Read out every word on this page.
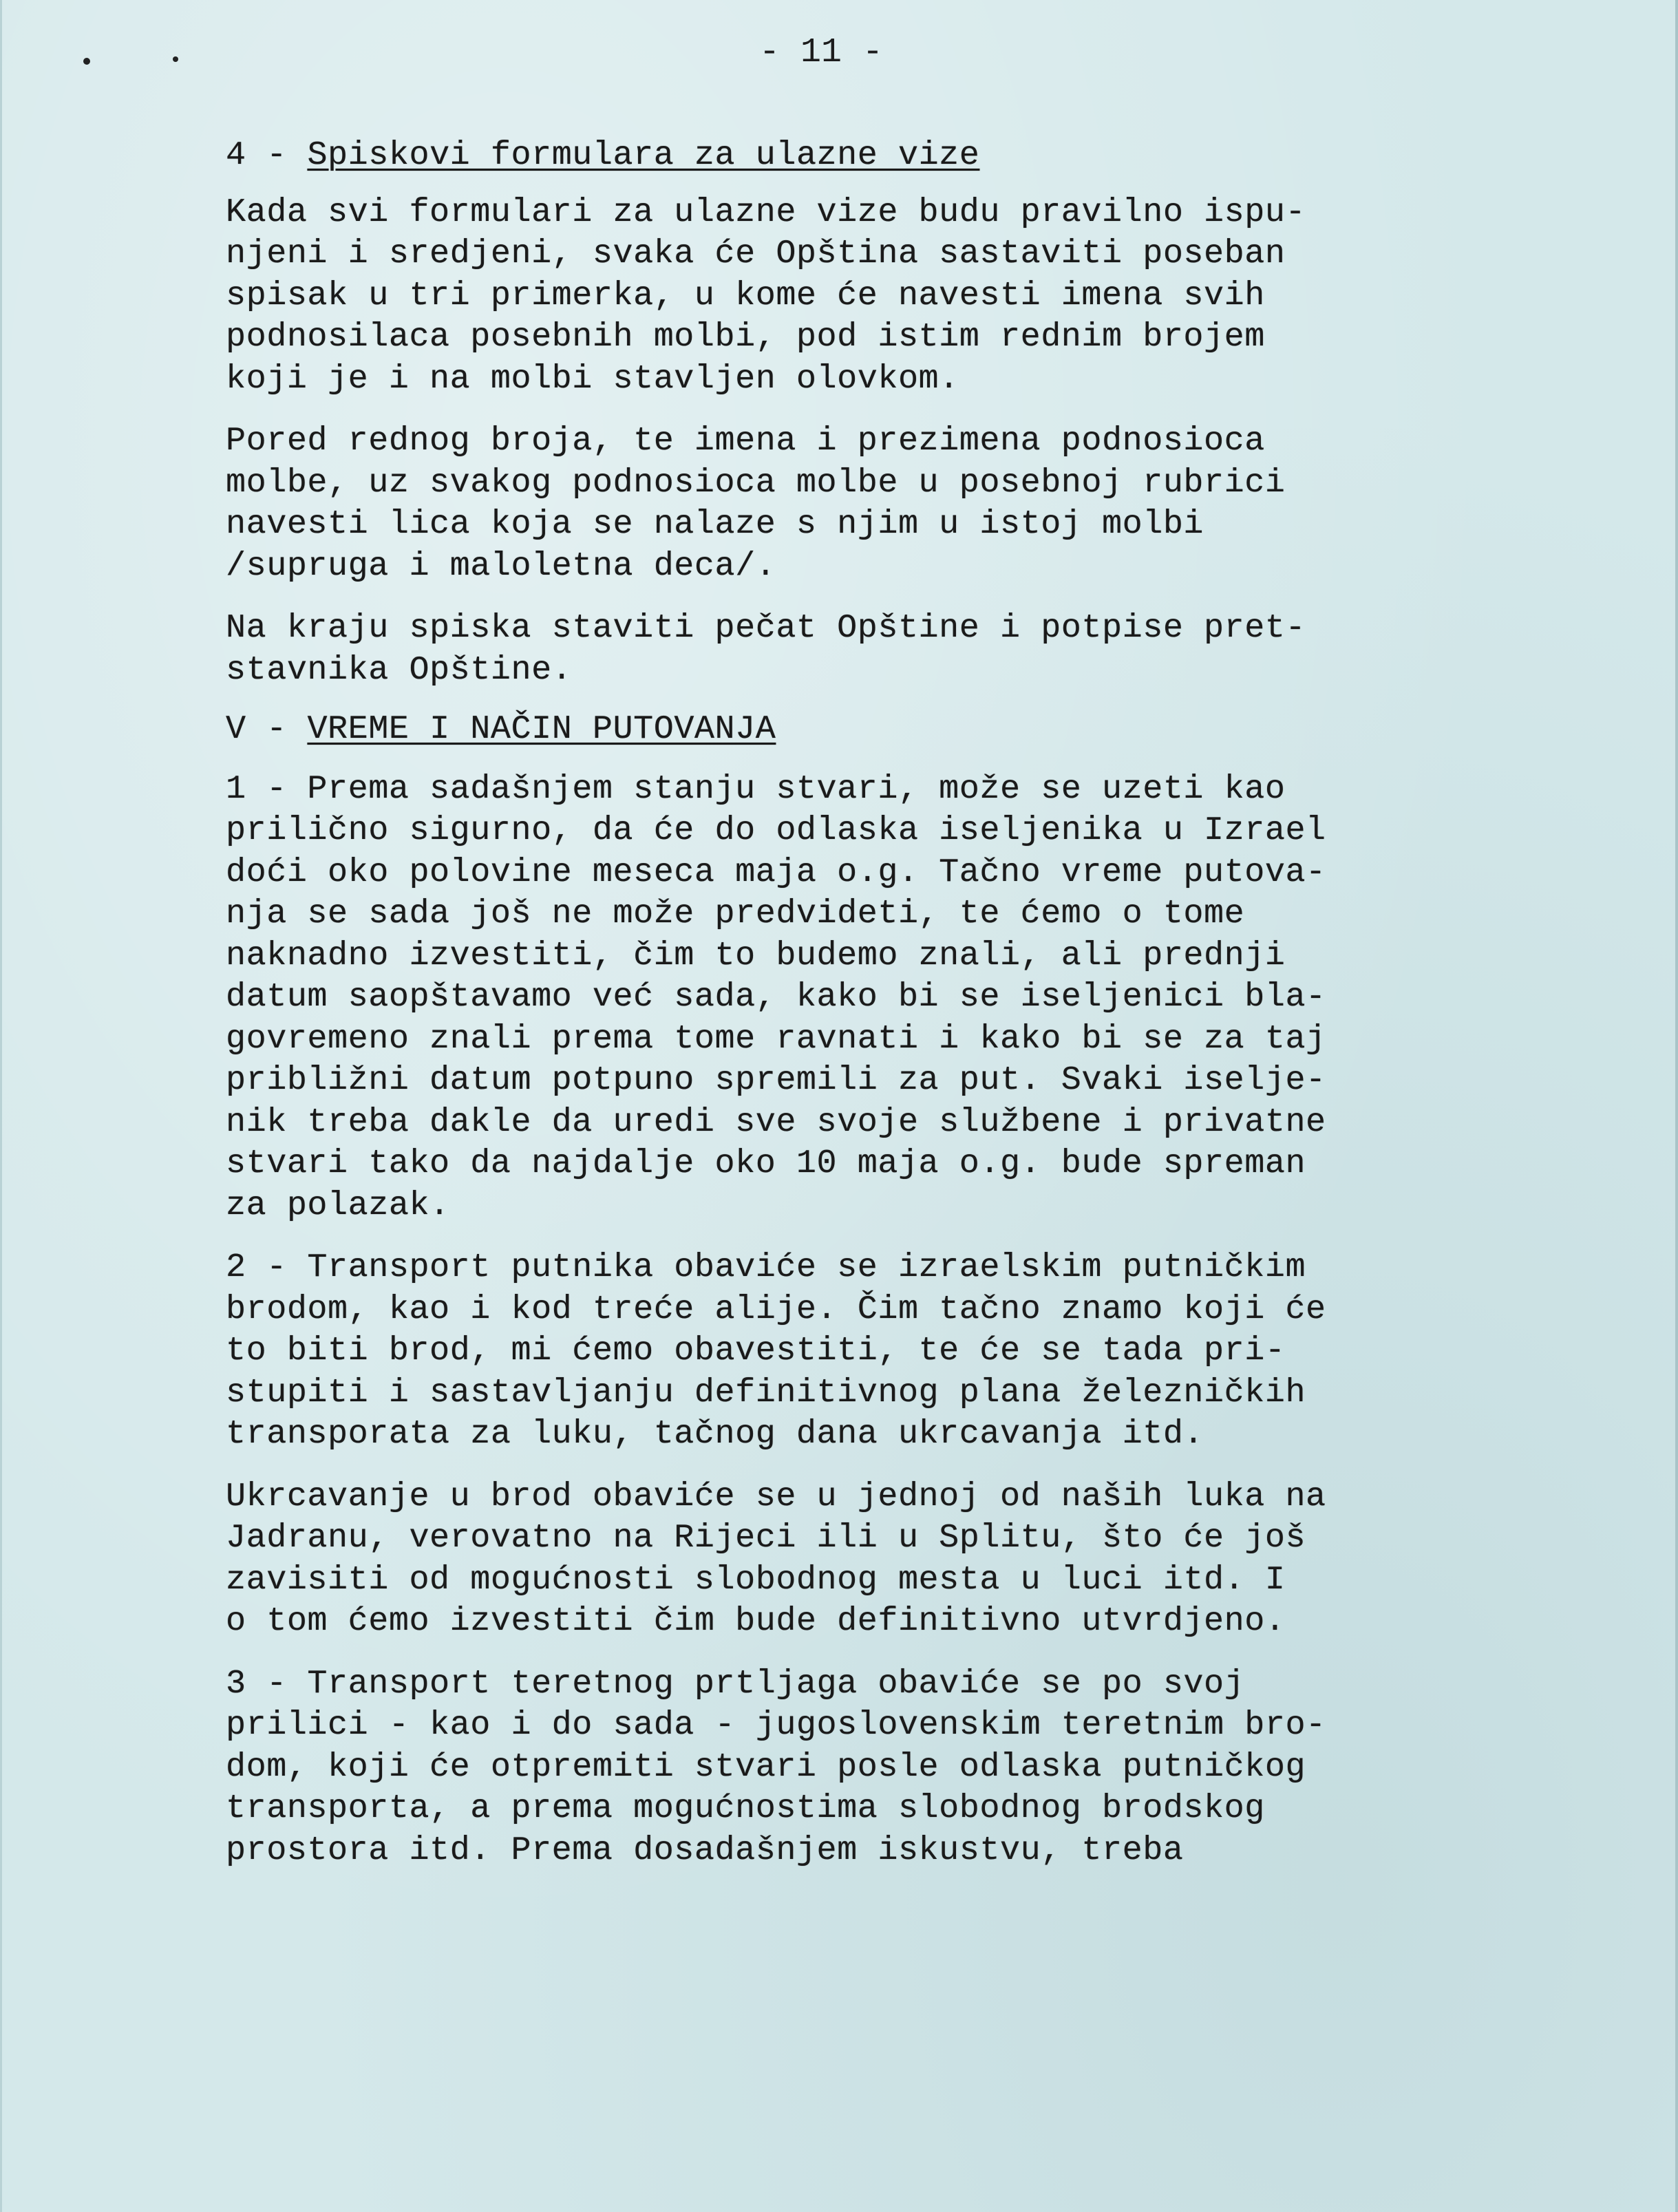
- 11 -

4 - Spiskovi formulara za ulazne vize

Kada svi formulari za ulazne vize budu pravilno ispu-
njeni i sredjeni, svaka će Opština sastaviti poseban
spisak u tri primerka, u kome će navesti imena svih
podnosilaca posebnih molbi, pod istim rednim brojem
koji je i na molbi stavljen olovkom.

Pored rednog broja, te imena i prezimena podnosioca
molbe, uz svakog podnosioca molbe u posebnoj rubrici
navesti lica koja se nalaze s njim u istoj molbi
/supruga i maloletna deca/.

Na kraju spiska staviti pečat Opštine i potpise pret-
stavnika Opštine.

V - VREME I NAČIN PUTOVANJA

1 - Prema sadašnjem stanju stvari, može se uzeti kao
prilično sigurno, da će do odlaska iseljenika u Izrael
doći oko polovine meseca maja o.g. Tačno vreme putova-
nja se sada još ne može predvideti, te ćemo o tome
naknadno izvestiti, čim to budemo znali, ali prednji
datum saopštavamo već sada, kako bi se iseljenici bla-
govremeno znali prema tome ravnati i kako bi se za taj
približni datum potpuno spremili za put. Svaki iselje-
nik treba dakle da uredi sve svoje službene i privatne
stvari tako da najdalje oko 10 maja o.g. bude spreman
za polazak.

2 - Transport putnika obaviće se izraelskim putničkim
brodom, kao i kod treće alije. Čim tačno znamo koji će
to biti brod, mi ćemo obavestiti, te će se tada pri-
stupiti i sastavljanju definitivnog plana železničkih
transporata za luku, tačnog dana ukrcavanja itd.

Ukrcavanje u brod obaviće se u jednoj od naših luka na
Jadranu, verovatno na Rijeci ili u Splitu, što će još
zavisiti od mogućnosti slobodnog mesta u luci itd. I
o tom ćemo izvestiti čim bude definitivno utvrdjeno.

3 - Transport teretnog prtljaga obaviće se po svoj
prilici - kao i do sada - jugoslovenskim teretnim bro-
dom, koji će otpremiti stvari posle odlaska putničkog
transporta, a prema mogućnostima slobodnog brodskog
prostora itd. Prema dosadašnjem iskustvu, treba
